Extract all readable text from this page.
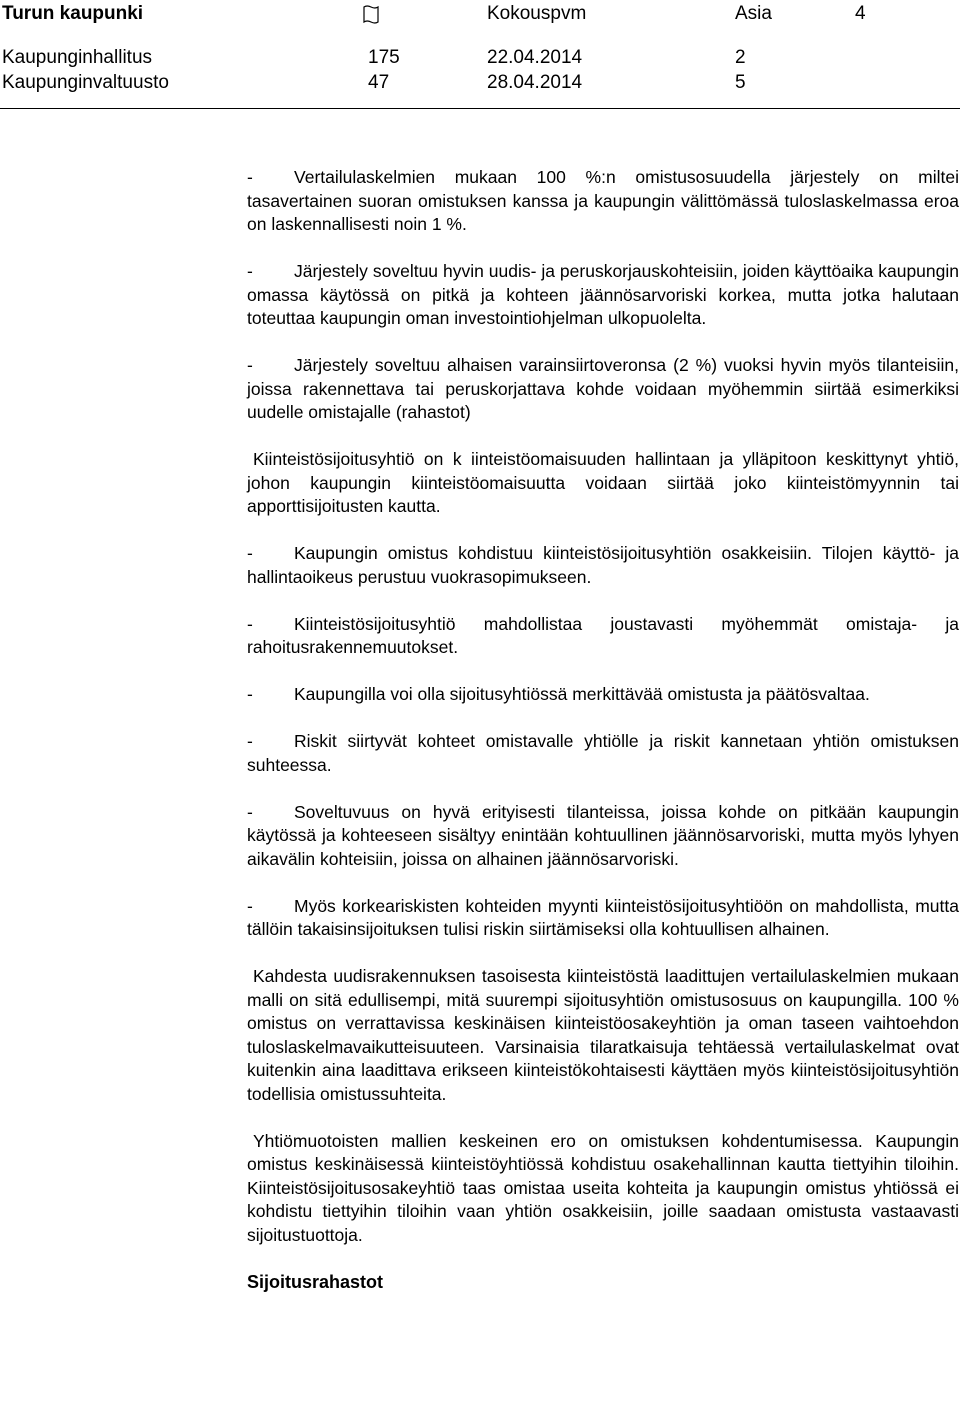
Turun kaupunki	Kokouspvm	Asia	4
Kaupunginhallitus	175	22.04.2014	2
Kaupunginvaltuusto	47	28.04.2014	5

- Vertailulaskelmien mukaan 100 %:n omistusosuudella järjestely on miltei tasavertainen suoran omistuksen kanssa ja kaupungin välittömässä tuloslaskelmassa eroa on laskennallisesti noin 1 %.

- Järjestely soveltuu hyvin uudis- ja peruskorjauskohteisiin, joiden käyttöaika kaupungin omassa käytössä on pitkä ja kohteen jäännösarvoriski korkea, mutta jotka halutaan toteuttaa kaupungin oman investointiohjelman ulkopuolelta.

- Järjestely soveltuu alhaisen varainsiirtoveronsa (2 %) vuoksi hyvin myös tilanteisiin, joissa rakennettava tai peruskorjattava kohde voidaan myöhemmin siirtää esimerkiksi uudelle omistajalle (rahastot)

Kiinteistösijoitusyhtiö on k iinteistöomaisuuden hallintaan ja ylläpitoon keskittynyt yhtiö, johon kaupungin kiinteistöomaisuutta voidaan siirtää joko kiinteistömyynnin tai apporttisijoitusten kautta.

- Kaupungin omistus kohdistuu kiinteistösijoitusyhtiön osakkeisiin. Tilojen käyttö- ja hallintaoikeus perustuu vuokrasopimukseen.

- Kiinteistösijoitusyhtiö mahdollistaa joustavasti myöhemmät omistaja- ja rahoitusrakennemuutokset.

- Kaupungilla voi olla sijoitusyhtiössä merkittävää omistusta ja päätösvaltaa.

- Riskit siirtyvät kohteet omistavalle yhtiölle ja riskit kannetaan yhtiön omistuksen suhteessa.

- Soveltuvuus on hyvä erityisesti tilanteissa, joissa kohde on pitkään kaupungin käytössä ja kohteeseen sisältyy enintään kohtuullinen jäännösarvoriski, mutta myös lyhyen aikavälin kohteisiin, joissa on alhainen jäännösarvoriski.

- Myös korkeariskisten kohteiden myynti kiinteistösijoitusyhtiöön on mahdollista, mutta tällöin takaisinsijoituksen tulisi riskin siirtämiseksi olla kohtuullisen alhainen.

Kahdesta uudisrakennuksen tasoisesta kiinteistöstä laadittujen vertailulaskelmien mukaan malli on sitä edullisempi, mitä suurempi sijoitusyhtiön omistusosuus on kaupungilla. 100 % omistus on verrattavissa keskinäisen kiinteistöosakeyhtiön ja oman taseen vaihtoehdon tuloslaskelmavaikutteisuuteen. Varsinaisia tilaratkaisuja tehtäessä vertailulaskelmat ovat kuitenkin aina laadittava erikseen kiinteistökohtaisesti käyttäen myös kiinteistösijoitusyhtiön todellisia omistussuhteita.

Yhtiömuotoisten mallien keskeinen ero on omistuksen kohdentumisessa. Kaupungin omistus keskinäisessä kiinteistöyhtiössä kohdistuu osakehallinnan kautta tiettyihin tiloihin. Kiinteistösijoitusosakeyhtiö taas omistaa useita kohteita ja kaupungin omistus yhtiössä ei kohdistu tiettyihin tiloihin vaan yhtiön osakkeisiin, joille saadaan omistusta vastaavasti sijoitustuottoja.

Sijoitusrahastot
